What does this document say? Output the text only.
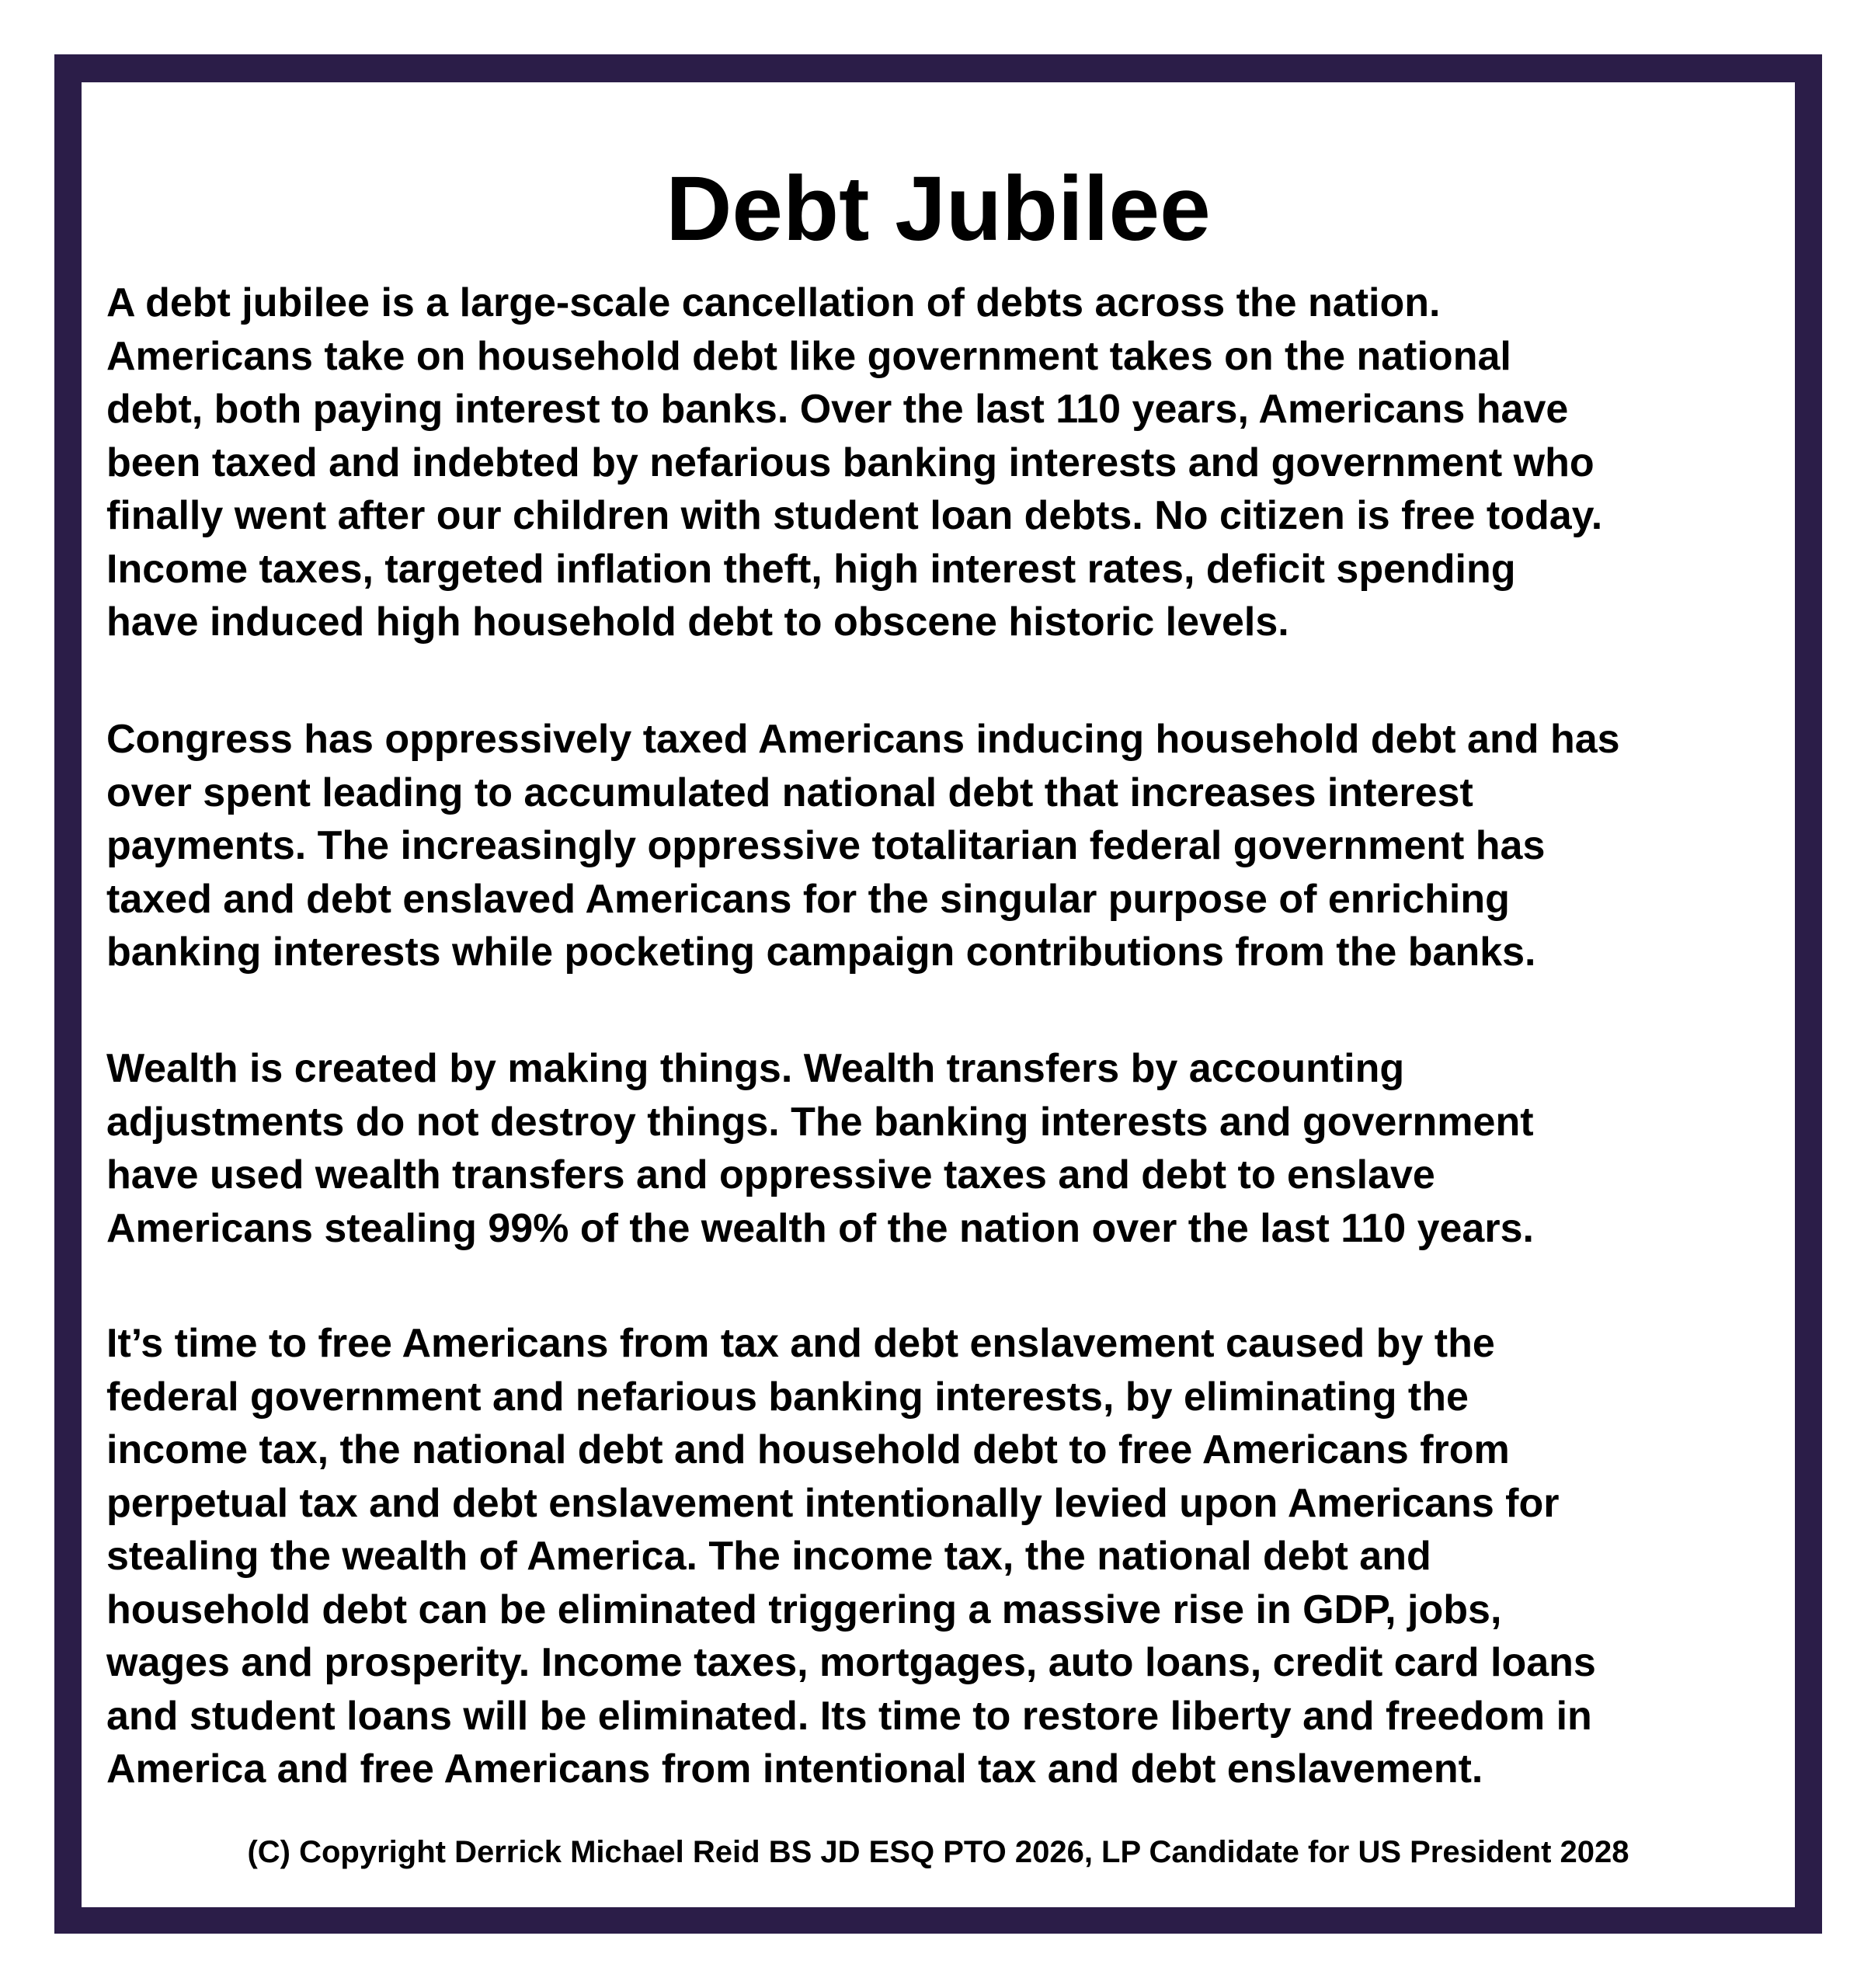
Debt Jubilee

A debt jubilee is a large-scale cancellation of debts across the nation.
Americans take on household debt like government takes on the national
debt, both paying interest to banks. Over the last 110 years, Americans have
been taxed and indebted by nefarious banking interests and government who
finally went after our children with student loan debts. No citizen is free today.
Income taxes, targeted inflation theft, high interest rates, deficit spending
have induced high household debt to obscene historic levels.

Congress has oppressively taxed Americans inducing household debt and has
over spent leading to accumulated national debt that increases interest
payments. The increasingly oppressive totalitarian federal government has
taxed and debt enslaved Americans for the singular purpose of enriching
banking interests while pocketing campaign contributions from the banks.

Wealth is created by making things. Wealth transfers by accounting
adjustments do not destroy things. The banking interests and government
have used wealth transfers and oppressive taxes and debt to enslave
Americans stealing 99% of the wealth of the nation over the last 110 years.

It’s time to free Americans from tax and debt enslavement caused by the
federal government and nefarious banking interests, by eliminating the
income tax, the national debt and household debt to free Americans from
perpetual tax and debt enslavement intentionally levied upon Americans for
stealing the wealth of America. The income tax, the national debt and
household debt can be eliminated triggering a massive rise in GDP, jobs,
wages and prosperity. Income taxes, mortgages, auto loans, credit card loans
and student loans will be eliminated. Its time to restore liberty and freedom in
America and free Americans from intentional tax and debt enslavement.

(C) Copyright Derrick Michael Reid BS JD ESQ PTO 2026, LP Candidate for US President 2028
